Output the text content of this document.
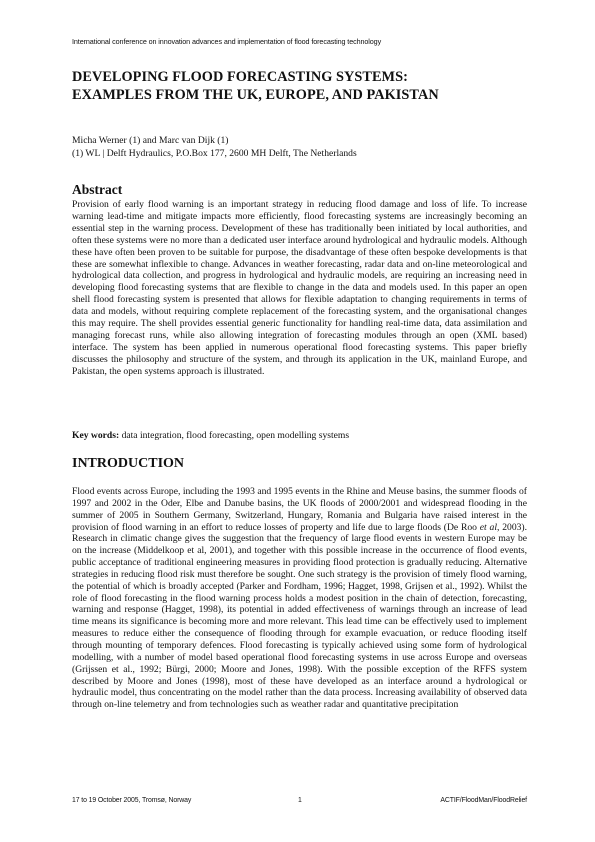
International conference on innovation advances and implementation of flood forecasting technology
DEVELOPING FLOOD FORECASTING SYSTEMS:
EXAMPLES FROM THE UK, EUROPE, AND PAKISTAN
Micha Werner (1) and Marc van Dijk (1)
(1) WL | Delft Hydraulics, P.O.Box 177, 2600 MH Delft, The Netherlands
Abstract

Provision of early flood warning is an important strategy in reducing flood damage and loss of life. To increase warning lead-time and mitigate impacts more efficiently, flood forecasting systems are increasingly becoming an essential step in the warning process. Development of these has traditionally been initiated by local authorities, and often these systems were no more than a dedicated user interface around hydrological and hydraulic models. Although these have often been proven to be suitable for purpose, the disadvantage of these often bespoke developments is that these are somewhat inflexible to change. Advances in weather forecasting, radar data and on-line meteorological and hydrological data collection, and progress in hydrological and hydraulic models, are requiring an increasing need in developing flood forecasting systems that are flexible to change in the data and models used. In this paper an open shell flood forecasting system is presented that allows for flexible adaptation to changing requirements in terms of data and models, without requiring complete replacement of the forecasting system, and the organisational changes this may require. The shell provides essential generic functionality for handling real-time data, data assimilation and managing forecast runs, while also allowing integration of forecasting modules through an open (XML based) interface. The system has been applied in numerous operational flood forecasting systems. This paper briefly discusses the philosophy and structure of the system, and through its application in the UK, mainland Europe, and Pakistan, the open systems approach is illustrated.

Key words: data integration, flood forecasting, open modelling systems
INTRODUCTION

Flood events across Europe, including the 1993 and 1995 events in the Rhine and Meuse basins, the summer floods of 1997 and 2002 in the Oder, Elbe and Danube basins, the UK floods of 2000/2001 and widespread flooding in the summer of 2005 in Southern Germany, Switzerland, Hungary, Romania and Bulgaria have raised interest in the provision of flood warning in an effort to reduce losses of property and life due to large floods (De Roo et al, 2003). Research in climatic change gives the suggestion that the frequency of large flood events in western Europe may be on the increase (Middelkoop et al, 2001), and together with this possible increase in the occurrence of flood events, public acceptance of traditional engineering measures in providing flood protection is gradually reducing. Alternative strategies in reducing flood risk must therefore be sought. One such strategy is the provision of timely flood warning, the potential of which is broadly accepted (Parker and Fordham, 1996; Hagget, 1998, Grijsen et al., 1992). Whilst the role of flood forecasting in the flood warning process holds a modest position in the chain of detection, forecasting, warning and response (Hagget, 1998), its potential in added effectiveness of warnings through an increase of lead time means its significance is becoming more and more relevant. This lead time can be effectively used to implement measures to reduce either the consequence of flooding through for example evacuation, or reduce flooding itself through mounting of temporary defences. Flood forecasting is typically achieved using some form of hydrological modelling, with a number of model based operational flood forecasting systems in use across Europe and overseas (Grijssen et al., 1992; Bürgi, 2000; Moore and Jones, 1998). With the possible exception of the RFFS system described by Moore and Jones (1998), most of these have developed as an interface around a hydrological or hydraulic model, thus concentrating on the model rather than the data process. Increasing availability of observed data through on-line telemetry and from technologies such as weather radar and quantitative precipitation

17 to 19 October 2005, Tromsø, Norway	1	ACTIF/FloodMan/FloodRelief
